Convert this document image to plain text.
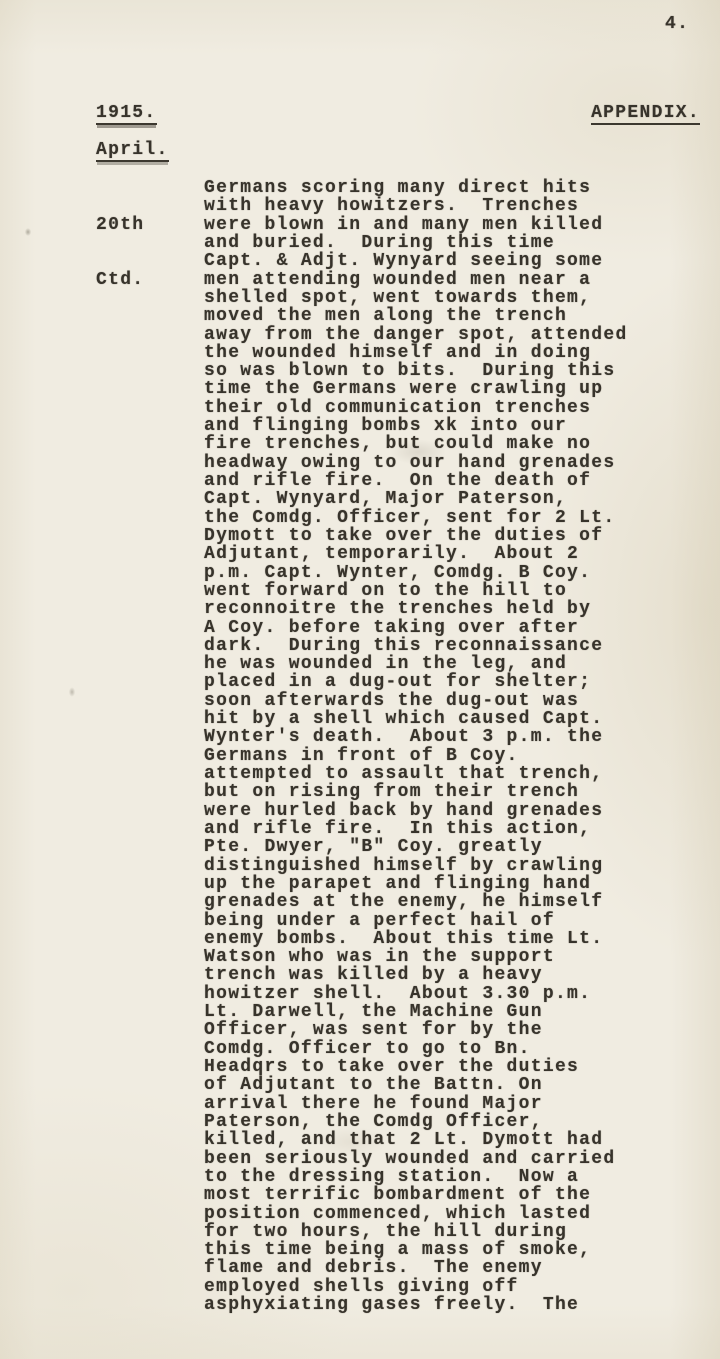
4.
1915.	APPENDIX.
April.

20th

Ctd.

Germans scoring many direct hits
with heavy howitzers.  Trenches
were blown in and many men killed
and buried.  During this time
Capt. & Adjt. Wynyard seeing some
men attending wounded men near a
shelled spot, went towards them,
moved the men along the trench
away from the danger spot, attended
the wounded himself and in doing
so was blown to bits.  During this
time the Germans were crawling up
their old communication trenches
and flinging bombs xk into our
fire trenches, but could make no
headway owing to our hand grenades
and rifle fire.  On the death of
Capt. Wynyard, Major Paterson,
the Comdg. Officer, sent for 2 Lt.
Dymott to take over the duties of
Adjutant, temporarily.  About 2
p.m. Capt. Wynter, Comdg. B Coy.
went forward on to the hill to
reconnoitre the trenches held by
A Coy. before taking over after
dark.  During this reconnaissance
he was wounded in the leg, and
placed in a dug-out for shelter;
soon afterwards the dug-out was
hit by a shell which caused Capt.
Wynter's death.  About 3 p.m. the
Germans in front of B Coy.
attempted to assault that trench,
but on rising from their trench
were hurled back by hand grenades
and rifle fire.  In this action,
Pte. Dwyer, "B" Coy. greatly
distinguished himself by crawling
up the parapet and flinging hand
grenades at the enemy, he himself
being under a perfect hail of
enemy bombs.  About this time Lt.
Watson who was in the support
trench was killed by a heavy
howitzer shell.  About 3.30 p.m.
Lt. Darwell, the Machine Gun
Officer, was sent for by the
Comdg. Officer to go to Bn.
Headqrs to take over the duties
of Adjutant to the Battn. On
arrival there he found Major
Paterson, the Comdg Officer,
killed, and that 2 Lt. Dymott had
been seriously wounded and carried
to the dressing station.  Now a
most terrific bombardment of the
position commenced, which lasted
for two hours, the hill during
this time being a mass of smoke,
flame and debris.  The enemy
employed shells giving off
asphyxiating gases freely.  The
